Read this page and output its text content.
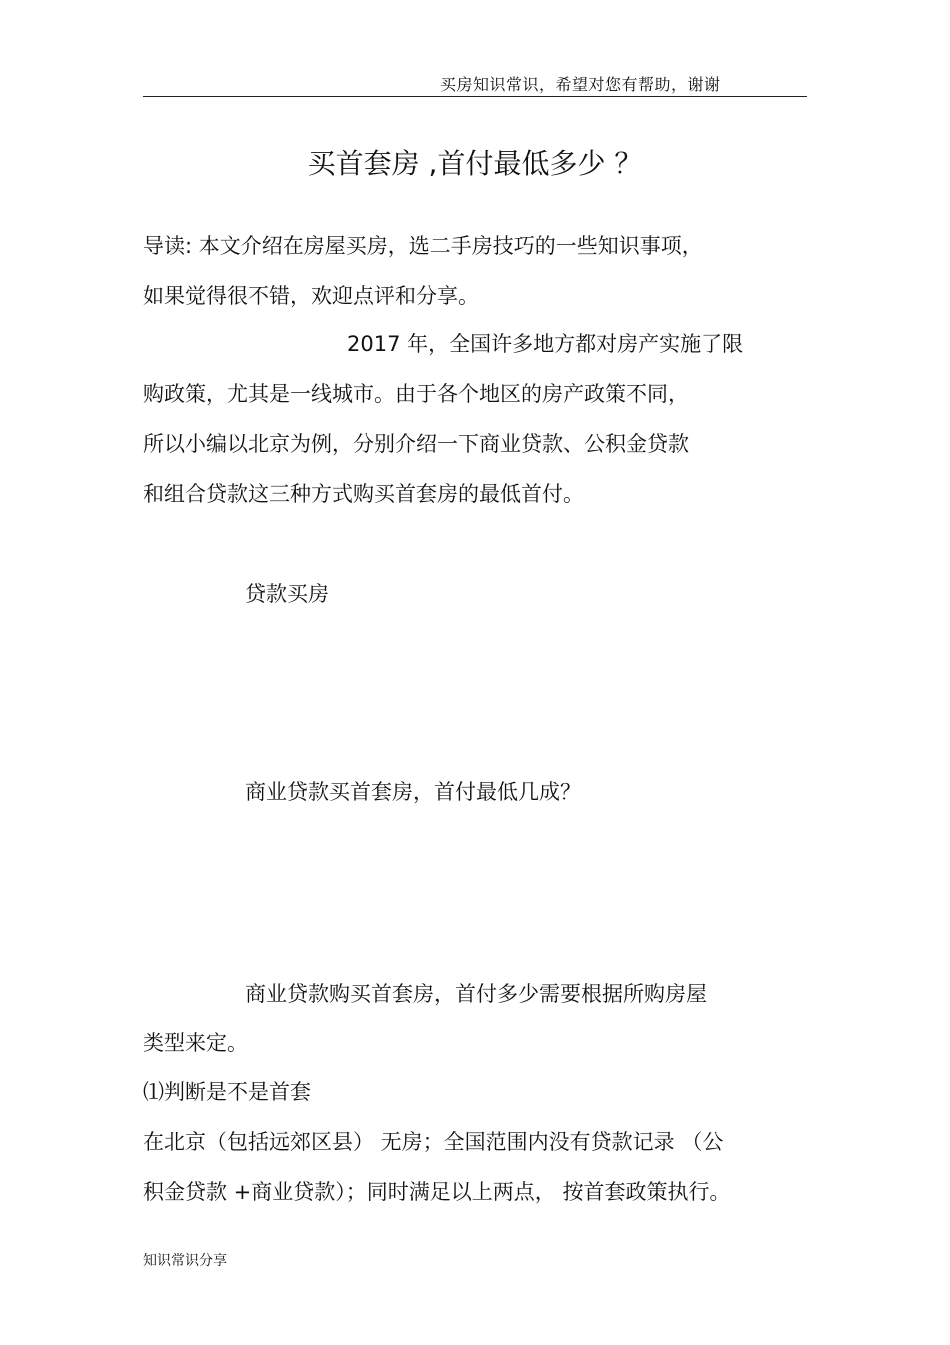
买房知识常识，希望对您有帮助，谢谢
买首套房 ,首付最低多少 ？
导读: 本文介绍在房屋买房，选二手房技巧的一些知识事项，
如果觉得很不错，欢迎点评和分享。
2017 年，全国许多地方都对房产实施了限
购政策，尤其是一线城市。由于各个地区的房产政策不同，
所以小编以北京为例，分别介绍一下商业贷款、公积金贷款
和组合贷款这三种方式购买首套房的最低首付。
贷款买房
商业贷款买首套房，首付最低几成？
商业贷款购买首套房，首付多少需要根据所购房屋
类型来定。
⑴判断是不是首套
在北京（包括远郊区县） 无房；全国范围内没有贷款记录 （公
积金贷款 +商业贷款）；同时满足以上两点， 按首套政策执行。
知识常识分享
